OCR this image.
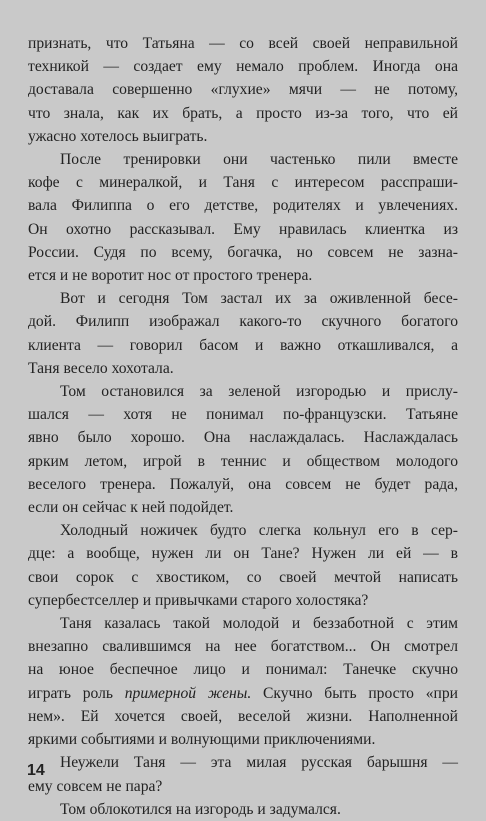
признать, что Татьяна — со всей своей неправильной
техникой — создает ему немало проблем. Иногда она
доставала совершенно «глухие» мячи — не потому,
что знала, как их брать, а просто из-за того, что ей
ужасно хотелось выиграть.
После тренировки они частенько пили вместе
кофе с минералкой, и Таня с интересом расспраши-
вала Филиппа о его детстве, родителях и увлечениях.
Он охотно рассказывал. Ему нравилась клиентка из
России. Судя по всему, богачка, но совсем не зазна-
ется и не воротит нос от простого тренера.
Вот и сегодня Том застал их за оживленной бесе-
дой. Филипп изображал какого-то скучного богатого
клиента — говорил басом и важно откашливался, а
Таня весело хохотала.
Том остановился за зеленой изгородью и прислу-
шался — хотя не понимал по-французски. Татьяне
явно было хорошо. Она наслаждалась. Наслаждалась
ярким летом, игрой в теннис и обществом молодого
веселого тренера. Пожалуй, она совсем не будет рада,
если он сейчас к ней подойдет.
Холодный ножичек будто слегка кольнул его в сер-
дце: а вообще, нужен ли он Тане? Нужен ли ей — в
свои сорок с хвостиком, со своей мечтой написать
супербестселлер и привычками старого холостяка?
Таня казалась такой молодой и беззаботной с этим
внезапно свалившимся на нее богатством... Он смотрел
на юное беспечное лицо и понимал: Танечке скучно
играть роль примерной жены. Скучно быть просто «при
нем». Ей хочется своей, веселой жизни. Наполненной
яркими событиями и волнующими приключениями.
Неужели Таня — эта милая русская барышня —
ему совсем не пара?
Том облокотился на изгородь и задумался.
14
